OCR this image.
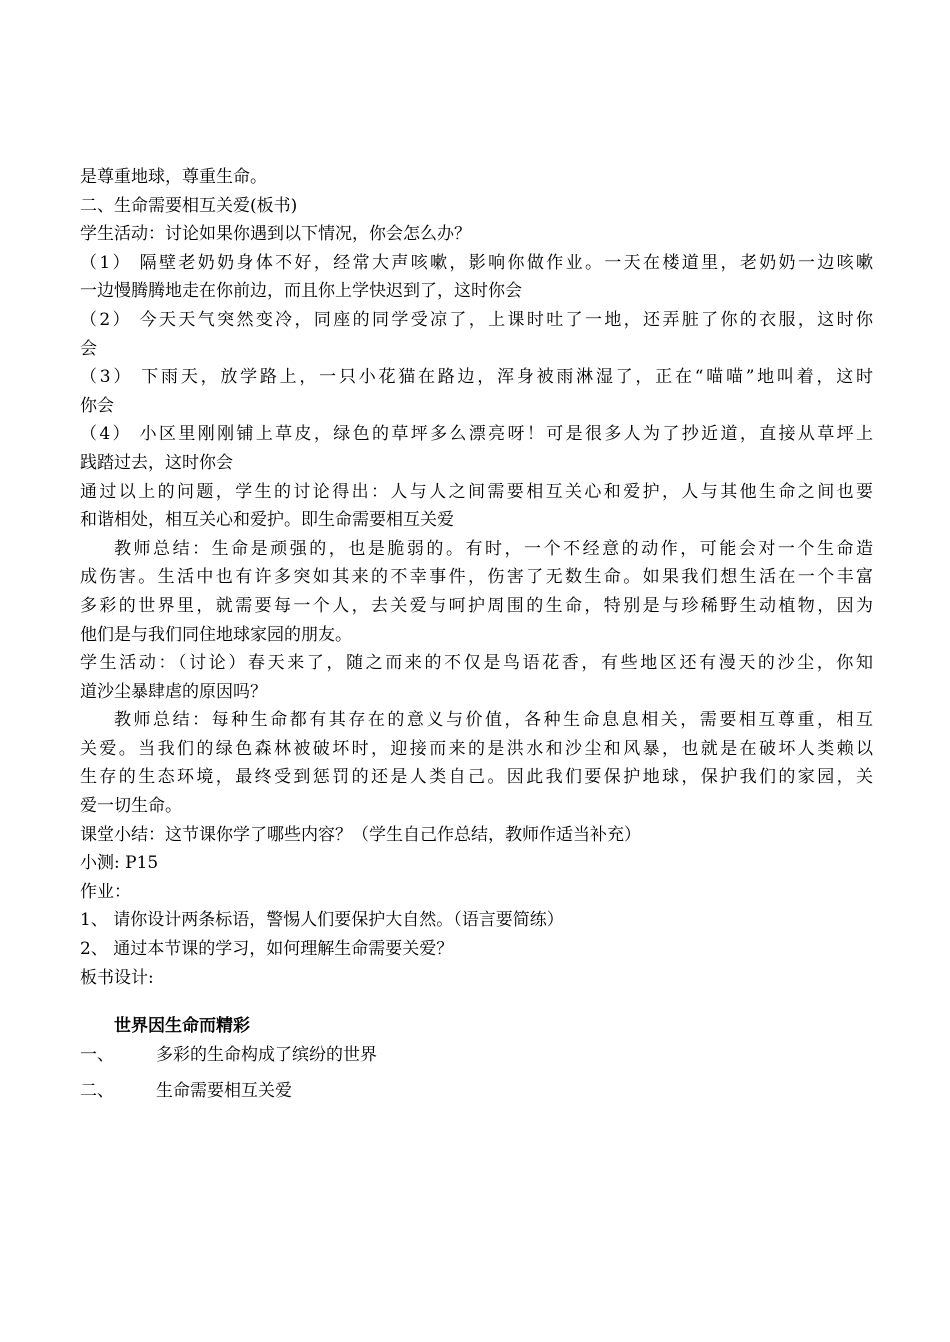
是尊重地球，尊重生命。
二、生命需要相互关爱(板书)
学生活动：讨论如果你遇到以下情况，你会怎么办？
（1） 隔壁老奶奶身体不好，经常大声咳嗽，影响你做作业。一天在楼道里，老奶奶一边咳嗽
一边慢腾腾地走在你前边，而且你上学快迟到了，这时你会
（2） 今天天气突然变冷，同座的同学受凉了，上课时吐了一地，还弄脏了你的衣服，这时你
会
（3） 下雨天，放学路上，一只小花猫在路边，浑身被雨淋湿了，正在“喵喵”地叫着，这时
你会
（4） 小区里刚刚铺上草皮，绿色的草坪多么漂亮呀！可是很多人为了抄近道，直接从草坪上
践踏过去，这时你会
通过以上的问题，学生的讨论得出：人与人之间需要相互关心和爱护，人与其他生命之间也要
和谐相处，相互关心和爱护。即生命需要相互关爱
教师总结：生命是顽强的，也是脆弱的。有时，一个不经意的动作，可能会对一个生命造
成伤害。生活中也有许多突如其来的不幸事件，伤害了无数生命。如果我们想生活在一个丰富
多彩的世界里，就需要每一个人，去关爱与呵护周围的生命，特别是与珍稀野生动植物，因为
他们是与我们同住地球家园的朋友。
学生活动：（讨论）春天来了，随之而来的不仅是鸟语花香，有些地区还有漫天的沙尘，你知
道沙尘暴肆虐的原因吗？
教师总结：每种生命都有其存在的意义与价值，各种生命息息相关，需要相互尊重，相互
关爱。当我们的绿色森林被破坏时，迎接而来的是洪水和沙尘和风暴，也就是在破坏人类赖以
生存的生态环境，最终受到惩罚的还是人类自己。因此我们要保护地球，保护我们的家园，关
爱一切生命。
课堂小结：这节课你学了哪些内容？（学生自己作总结，教师作适当补充）
小测: P15
作业：
1、 请你设计两条标语，警惕人们要保护大自然。（语言要简练）
2、 通过本节课的学习，如何理解生命需要关爱？
板书设计:
世界因生命而精彩
一、	多彩的生命构成了缤纷的世界
二、	生命需要相互关爱
